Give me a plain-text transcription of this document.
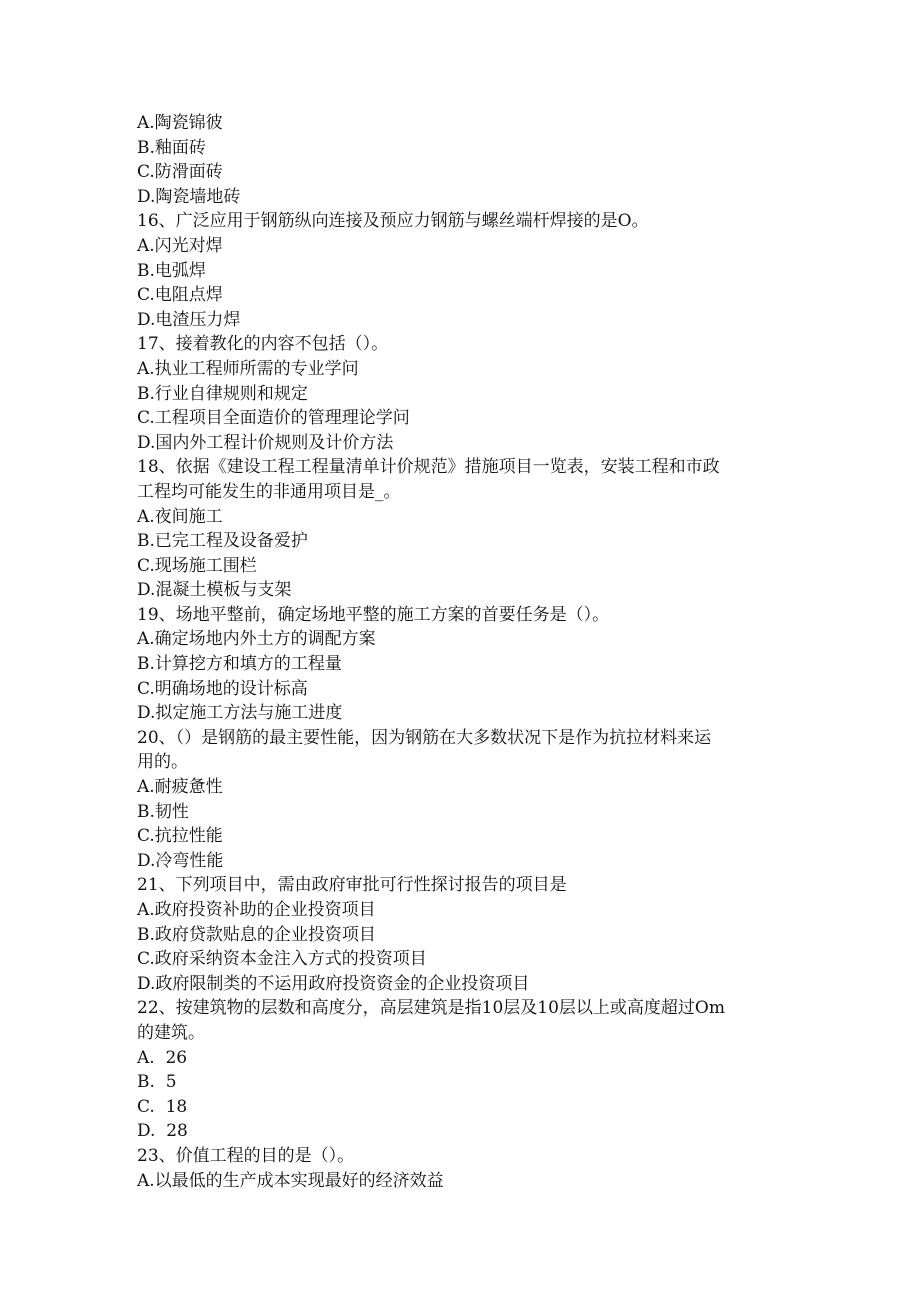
A.陶瓷锦彼
B.釉面砖
C.防滑面砖
D.陶瓷墙地砖
16、广泛应用于钢筋纵向连接及预应力钢筋与螺丝端杆焊接的是O。
A.闪光对焊
B.电弧焊
C.电阻点焊
D.电渣压力焊
17、接着教化的内容不包括（）。
A.执业工程师所需的专业学问
B.行业自律规则和规定
C.工程项目全面造价的管理理论学问
D.国内外工程计价规则及计价方法
18、依据《建设工程工程量清单计价规范》措施项目一览表，安装工程和市政
工程均可能发生的非通用项目是_。
A.夜间施工
B.已完工程及设备爱护
C.现场施工围栏
D.混凝土模板与支架
19、场地平整前，确定场地平整的施工方案的首要任务是（）。
A.确定场地内外土方的调配方案
B.计算挖方和填方的工程量
C.明确场地的设计标高
D.拟定施工方法与施工进度
20、（）是钢筋的最主要性能，因为钢筋在大多数状况下是作为抗拉材料来运
用的。
A.耐疲惫性
B.韧性
C.抗拉性能
D.冷弯性能
21、下列项目中，需由政府审批可行性探讨报告的项目是
A.政府投资补助的企业投资项目
B.政府贷款贴息的企业投资项目
C.政府采纳资本金注入方式的投资项目
D.政府限制类的不运用政府投资资金的企业投资项目
22、按建筑物的层数和高度分，高层建筑是指10层及10层以上或高度超过Om
的建筑。
A.  26
B.  5
C.  18
D.  28
23、价值工程的目的是（）。
A.以最低的生产成本实现最好的经济效益
